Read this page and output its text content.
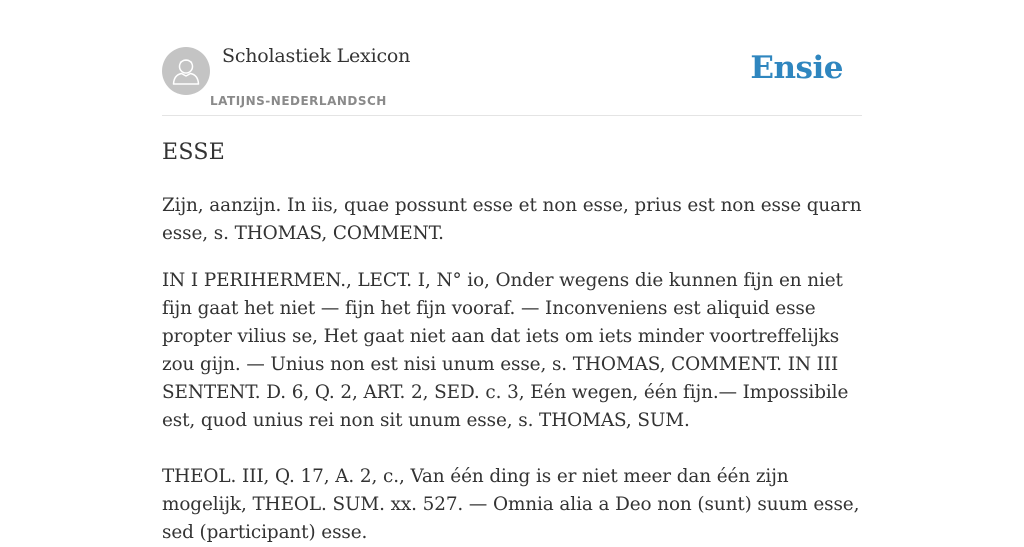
Scholastiek Lexicon
LATIJNS-NEDERLANDSCH
Ensie
ESSE

Zijn, aanzijn. In iis, quae possunt esse et non esse, prius est non esse quarn esse, s. THOMAS, COMMENT.

IN I PERIHERMEN., LECT. I, N° io, Onder wegens die kunnen fijn en niet fijn gaat het niet — fijn het fijn vooraf. — Inconveniens est aliquid esse propter vilius se, Het gaat niet aan dat iets om iets minder voortreffelijks zou gijn. — Unius non est nisi unum esse, s. THOMAS, COMMENT. IN III SENTENT. D. 6, Q. 2, ART. 2, SED. c. 3, Eén wegen, één fijn.— Impossibile est, quod unius rei non sit unum esse, s. THOMAS, SUM.

THEOL. III, Q. 17, A. 2, c., Van één ding is er niet meer dan één zijn mogelijk, THEOL. SUM. xx. 527. — Omnia alia a Deo non (sunt) suum esse, sed (participant) esse.
